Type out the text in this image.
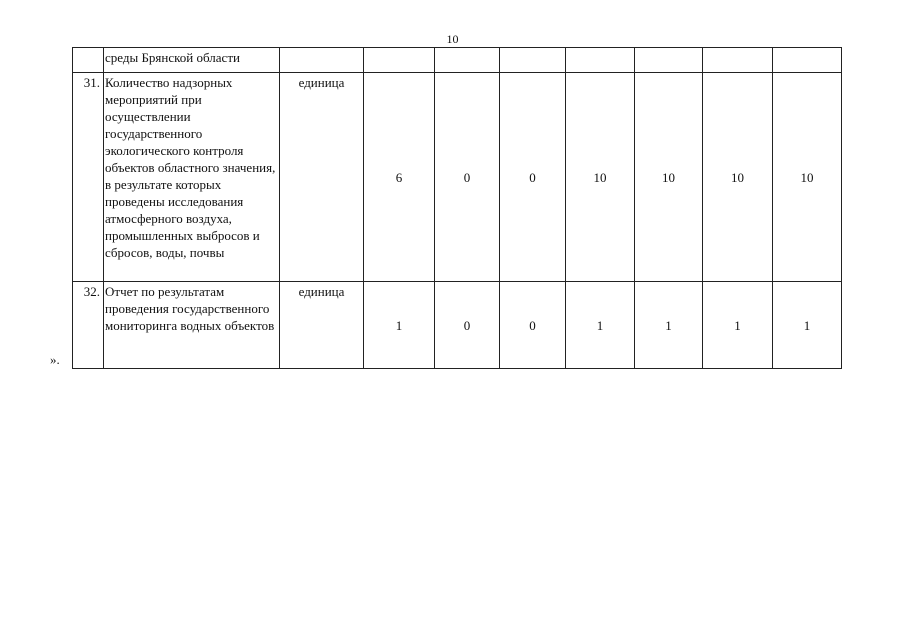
10
	среды Брянской области								
31.	Количество надзорных мероприятий при осуществлении государственного экологического контроля объектов областного значения, в результате которых проведены исследования атмосферного воздуха, промышленных выбросов и сбросов, воды, почвы	единица	6	0	0	10	10	10	10
32.	Отчет по результатам проведения государственного мониторинга водных объектов	единица	1	0	0	1	1	1	1
».
